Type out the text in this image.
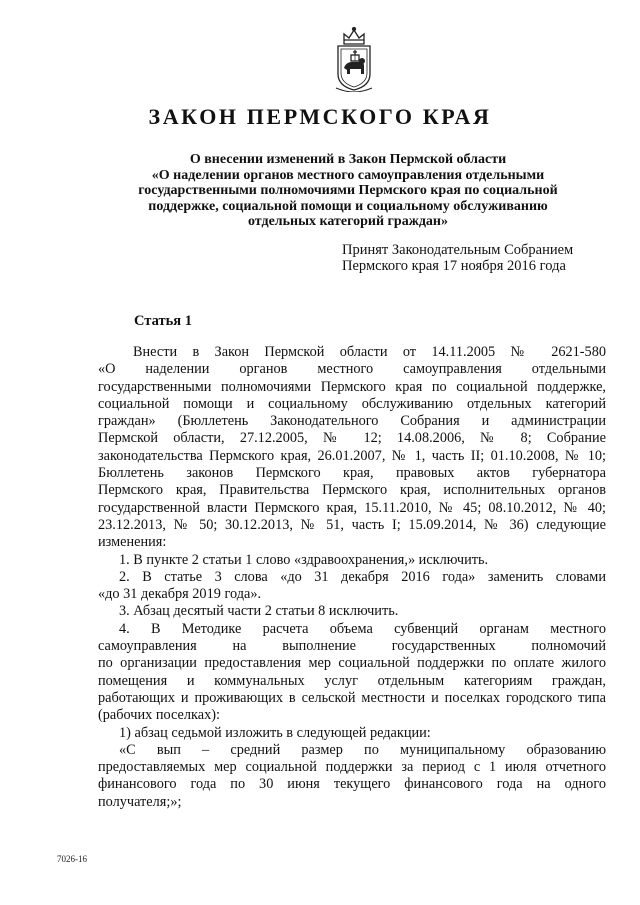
ЗАКОН ПЕРМСКОГО КРАЯ
О внесении изменений в Закон Пермской области
«О наделении органов местного самоуправления отдельными
государственными полномочиями Пермского края по социальной
поддержке, социальной помощи и социальному обслуживанию
отдельных категорий граждан»
Принят Законодательным Собранием
Пермского края 17 ноября 2016 года
Статья 1
Внести в Закон Пермской области от 14.11.2005 № 2621-580
«О наделении органов местного самоуправления отдельными
государственными полномочиями Пермского края по социальной поддержке,
социальной помощи и социальному обслуживанию отдельных категорий
граждан» (Бюллетень Законодательного Собрания и администрации
Пермской области, 27.12.2005, № 12; 14.08.2006, № 8; Собрание
законодательства Пермского края, 26.01.2007, № 1, часть II; 01.10.2008, № 10;
Бюллетень законов Пермского края, правовых актов губернатора
Пермского края, Правительства Пермского края, исполнительных органов
государственной власти Пермского края, 15.11.2010, № 45; 08.10.2012, № 40;
23.12.2013, № 50; 30.12.2013, № 51, часть I; 15.09.2014, № 36) следующие
изменения:
1. В пункте 2 статьи 1 слово «здравоохранения,» исключить.
2. В статье 3 слова «до 31 декабря 2016 года» заменить словами
«до 31 декабря 2019 года».
3. Абзац десятый части 2 статьи 8 исключить.
4. В Методике расчета объема субвенций органам местного
самоуправления на выполнение государственных полномочий
по организации предоставления мер социальной поддержки по оплате жилого
помещения и коммунальных услуг отдельным категориям граждан,
работающих и проживающих в сельской местности и поселках городского типа
(рабочих поселках):
1) абзац седьмой изложить в следующей редакции:
«С вып – средний размер по муниципальному образованию
предоставляемых мер социальной поддержки за период с 1 июля отчетного
финансового года по 30 июня текущего финансового года на одного
получателя;»;
7026-16
